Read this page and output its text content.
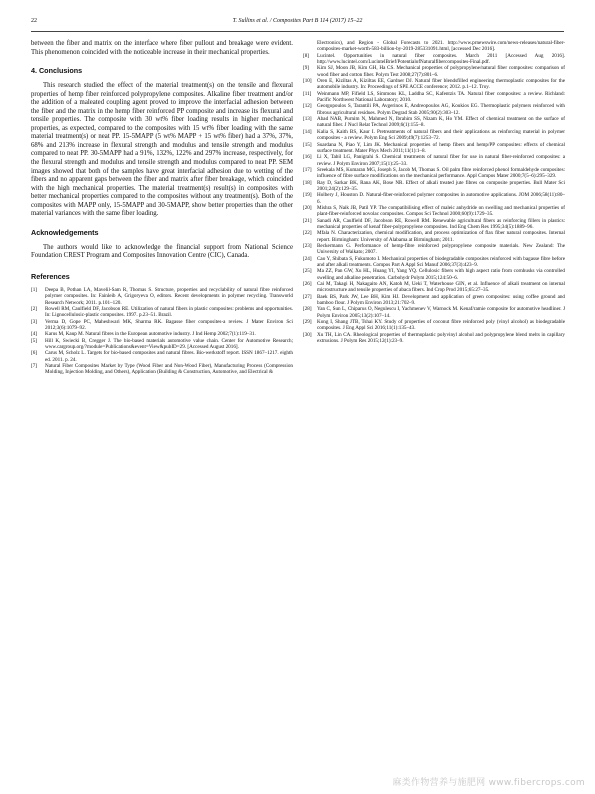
22	T. Sullins et al. / Composites Part B 114 (2017) 15–22

between the fiber and matrix on the interface where fiber pullout and breakage were evident. This phenomenon coincided with the noticeable increase in their mechanical properties.

4. Conclusions

This research studied the effect of the material treatment(s) on the tensile and flexural properties of hemp fiber reinforced polypropylene composites. Alkaline fiber treatment and/or the addition of a maleated coupling agent proved to improve the interfacial adhesion between the fiber and the matrix in the hemp fiber reinforced PP composite and increase its flexural and tensile properties. The composite with 30 wt% fiber loading results in higher mechanical properties, as expected, compared to the composites with 15 wt% fiber loading with the same material treatment(s) or neat PP. 15-5MAPP (5 wt% MAPP + 15 wt% fiber) had a 37%, 37%, 68% and 213% increase in flexural strength and modulus and tensile strength and modulus compared to neat PP. 30-5MAPP had a 91%, 132%, 122% and 297% increase, respectively, for the flexural strength and modulus and tensile strength and modulus compared to neat PP. SEM images showed that both of the samples have great interfacial adhesion due to wetting of the fibers and no apparent gaps between the fiber and matrix after fiber breakage, which coincided with the high mechanical properties. The material treatment(s) result(s) in composites with better mechanical properties compared to the composites without any treatment(s). Both of the composites with MAPP only, 15-5MAPP and 30-5MAPP, show better properties than the other material variances with the same fiber loading.

Acknowledgements

The authors would like to acknowledge the financial support from National Science Foundation CREST Program and Composites Innovation Centre (CIC), Canada.

References
[1]	Deepa B, Pothan LA, Mavelil-Sam R, Thomas S. Structure, properties and recyclability of natural fibre reinforced polymer composites. In: Fainleib A, Grigoryeva O, editors. Recent developments in polymer recycling. Transworld Research Network; 2011. p.101–120.
[2]	Rowell RM, Caulfield DF, Jacobson RE. Utilization of natural fibers in plastic composites: problems and opportunities. In: Lignocellulosic-plastic composites. 1997. p.23–51. Brazil.
[3]	Verma D, Gope PC, Maheshwari MK, Sharma RK. Bagasse fiber composites-a review. J Mater Environ Sci 2012;3(6):1079–92.
[4]	Karus M, Kaup M. Natural fibres in the European automotive industry. J Ind Hemp 2002;7(1):119–31.
[5]	Hill K, Swiecki B, Cregger J. The bio-based materials automotive value chain. Center for Automotive Research; www.cargroup.org/?module=Publications&event=View&pubID=29. [Accessed August 2016].
[6]	Carus M, Scholz L. Targets for bio-based composites and natural fibres. Bio-werkstoff report. ISSN 1867–1217. eighth ed. 2011. p. 24.
[7]	Natural Fiber Composites Market by Type (Wood Fiber and Non-Wood Fiber), Manufacturing Process (Compression Molding, Injection Molding, and Others), Application (Building & Construction, Automotive, and Electrical &
Electronics), and Region - Global Forecasts to 2021. http://www.prnewswire.com/news-releases/natural-fiber-composites-market-worth-583-billion-by-2019-285331091.html, [accessed Dec 2016].
[8]	Lucintel. Opportunities in natural fiber composites. March 2011 [Accessed Aug 2016]. http://www.lucintel.com/LucintelBrief/PotentialofNaturalfibercomposites-Final.pdf.
[9]	Kim SJ, Moon JB, Kim GH, Ha CS. Mechanical properties of polypropylene/natural fiber composites: comparison of wood fiber and cotton fiber. Polym Test 2008;27(7):801–6.
[10]	Oren E, Kiziltas A, Kiziltas EE, Gardner DJ. Natural fiber blendsfilled engineering thermoplastic composites for the automobile industry. In: Proceedings of SPE ACCE conference; 2012. p.1–12. Troy.
[11]	Weinmann MP, Fifield LS, Simmons KL, Laddha SC, Kafentzis TA. Natural fiber composites: a review. Richland: Pacific Northwest National Laboratory; 2010.
[12]	Georgopoulos S, Tarantili PA, Avgerinos E, Andreopoulos AG, Koukios EG. Thermoplastic polymers reinforced with fibrous agricultural residues. Polym Degrad Stab 2005;90(2):303–12.
[13]	Abad NAB, Purnim N, Mahmed N, Ibrahim SS, Nizam K, Ho YM. Effect of chemical treatment on the surface of natural fiber. J Nucl Relat Technol 2009;6(1):155–8.
[14]	Kalia S, Kaith BS, Kaur I. Pretreatments of natural fibers and their applications as reinforcing material in polymer composites - a review. Polym Eng Sci 2009;49(7):1253–72.
[15]	Suardana N, Piao Y, Lim JK. Mechanical properties of hemp fibers and hemp/PP composites: effects of chemical surface treatment. Mater Phys Mech 2011;11(1):1–8.
[16]	Li X, Tabil LG, Panigrahi S. Chemical treatments of natural fiber for use in natural fiber-reinforced composites: a review. J Polym Environ 2007;15(1):25–33.
[17]	Sreekala MS, Kumaran MG, Joseph S, Jacob M, Thomas S. Oil palm fibre reinforced phenol formaldehyde composites: influence of fibre surface modifications on the mechanical performance. Appl Compos Mater 2000;7(5–6):295–329.
[18]	Ray D, Sarkar BK, Rana AK, Bose NR. Effect of alkali treated jute fibres on composite properties. Bull Mater Sci 2001;24(2):129–35.
[19]	Holbery J, Houston D. Natural-fiber-reinforced polymer composites in automotive applications. JOM 2006;58(11):80–6.
[20]	Mishra S, Naik JB, Patil YP. The compatibilising effect of maleic anhydride on swelling and mechanical properties of plant-fiber-reinforced novolac composites. Compos Sci Technol 2000;60(9):1729–35.
[21]	Sanadi AR, Caulfield DF, Jacobson RE, Rowell RM. Renewable agricultural fibers as reinforcing fillers in plastics: mechanical properties of kenaf fiber-polypropylene composites. Ind Eng Chem Res 1995;34(5):1889–96.
[22]	Mfala N. Characterization, chemical modification, and process optimization of flax fiber natural composites. Internal report. Birmingham: University of Alabama at Birmingham; 2011.
[23]	Beckermann G. Performance of hemp-fibre reinforced polypropylene composite materials. New Zealand: The University of Waikato; 2007.
[24]	Cao Y, Shibata S, Fukumoto I. Mechanical properties of biodegradable composites reinforced with bagasse fibre before and after alkali treatments. Compos Part A Appl Sci Manuf 2006;37(3):423–9.
[25]	Ma ZZ, Pan GW, Xu HL, Huang YI, Yang YQ. Cellulosic fibers with high aspect ratio from cornhusks via controlled swelling and alkaline penetration. Carbohydr Polym 2015;124:50–6.
[26]	Cai M, Takagi H, Nakagaito AN, Katoh M, Ueki T, Waterhouse GIN, et al. Influence of alkali treatment on internal microstructure and tensile properties of abaca fibers. Ind Crop Prod 2015;65:27–35.
[27]	Baek BS, Park JW, Lee BH, Kim HJ. Development and application of green composites: using coffee ground and bamboo flour. J Polym Environ 2013;21:702–9.
[28]	Yan C, Sun L, Chiparus O, Negulescu I, Yachmenev V, Warnock M. Kenaf/ramie composite for automotive headliner. J Polym Environ 2005;13(2):107–14.
[29]	Kong I, Shang JTB, Tshai KY. Study of properties of coconut fibre reinforced poly (vinyl alcohol) as biodegradable composites. J Eng Appl Sci 2016;11(1):135–43.
[30]	Xu TH, Lin CA. Rheological properties of thermoplastic polyvinyl alcohol and polypropylene blend melts in capillary extrusions. J Polym Res 2015;12(1):23–9.
麻类作物营养与施肥网 www.fibercrops.com
